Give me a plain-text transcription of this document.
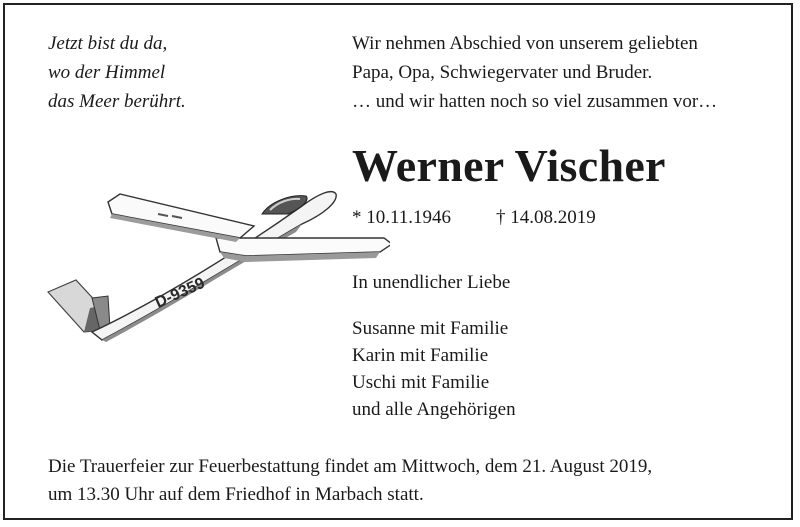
Jetzt bist du da,
wo der Himmel
das Meer berührt.
Wir nehmen Abschied von unserem geliebten
Papa, Opa, Schwiegervater und Bruder.
… und wir hatten noch so viel zusammen vor…
Werner Vischer
* 10.11.1946 † 14.08.2019
In unendlicher Liebe
Susanne mit Familie
Karin mit Familie
Uschi mit Familie
und alle Angehörigen
Die Trauerfeier zur Feuerbestattung findet am Mittwoch, dem 21. August 2019,
um 13.30 Uhr auf dem Friedhof in Marbach statt.
D-9359
